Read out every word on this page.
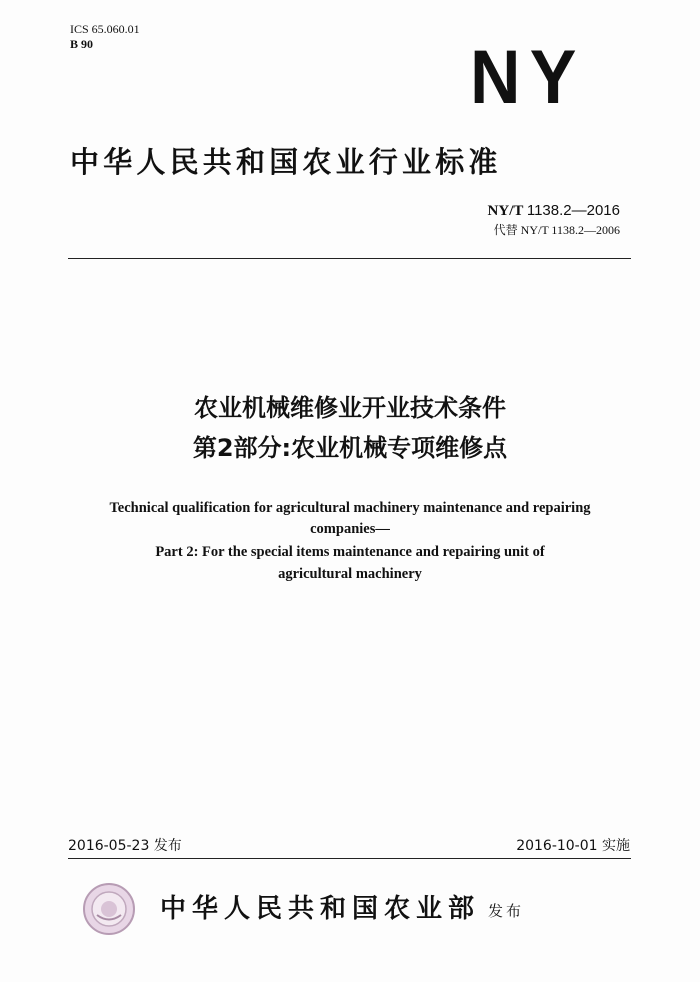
ICS 65.060.01
B 90	NY
中华人民共和国农业行业标准
NY/T 1138.2—2016
代替 NY/T 1138.2—2006
农业机械维修业开业技术条件
第2部分:农业机械专项维修点
Technical qualification for agricultural machinery maintenance and repairing
companies—
Part 2: For the special items maintenance and repairing unit of
agricultural machinery
2016-05-23 发布	2016-10-01 实施
中华人民共和国农业部 发布
